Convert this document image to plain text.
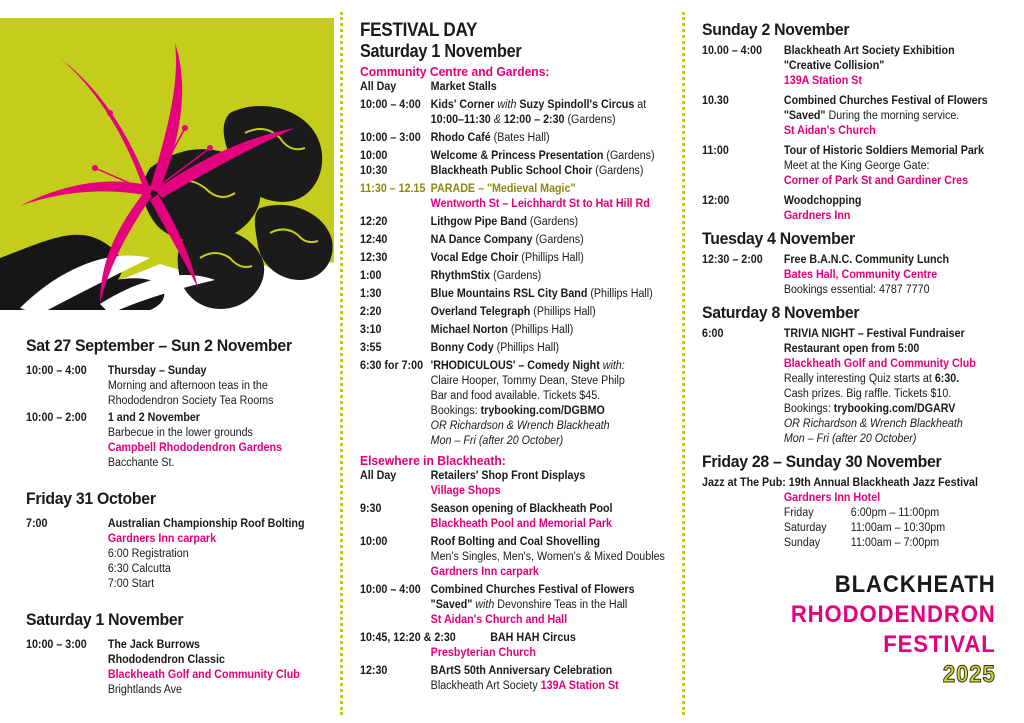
Sat 27 September – Sun 2 November
10:00 – 4:00	Thursday – Sunday
Morning and afternoon teas in the
Rhododendron Society Tea Rooms
10:00 – 2:00	1 and 2 November
Barbecue in the lower grounds
Campbell Rhododendron Gardens
Bacchante St.
Friday 31 October
7:00	Australian Championship Roof Bolting
Gardners Inn carpark
6:00 Registration
6:30 Calcutta
7:00 Start
Saturday 1 November
10:00 – 3:00	The Jack Burrows
Rhododendron Classic
Blackheath Golf and Community Club
Brightlands Ave
FESTIVAL DAY
Saturday 1 November
Community Centre and Gardens:
All Day	Market Stalls
10:00 – 4:00 Kids' Corner with Suzy Spindoll's Circus at
10:00–11:30 & 12:00 – 2:30 (Gardens)
10:00 – 3:00 Rhodo Café (Bates Hall)
10:00	Welcome & Princess Presentation (Gardens)
10:30	Blackheath Public School Choir (Gardens)
11:30 – 12.15 PARADE – "Medieval Magic"
Wentworth St – Leichhardt St to Hat Hill Rd
12:20	Lithgow Pipe Band (Gardens)
12:40	NA Dance Company (Gardens)
12:30	Vocal Edge Choir (Phillips Hall)
1:00	RhythmStix (Gardens)
1:30	Blue Mountains RSL City Band (Phillips Hall)
2:20	Overland Telegraph (Phillips Hall)
3:10	Michael Norton (Phillips Hall)
3:55	Bonny Cody (Phillips Hall)
6:30 for 7:00 'RHODICULOUS' – Comedy Night with:
Claire Hooper, Tommy Dean, Steve Philp
Bar and food available. Tickets $45.
Bookings: trybooking.com/DGBMO
OR Richardson & Wrench Blackheath
Mon – Fri (after 20 October)
Elsewhere in Blackheath:
All Day	Retailers' Shop Front Displays
Village Shops
9:30	Season opening of Blackheath Pool
Blackheath Pool and Memorial Park
10:00	Roof Bolting and Coal Shovelling
Men's Singles, Men's, Women's & Mixed Doubles
Gardners Inn carpark
10:00 – 4:00 Combined Churches Festival of Flowers
"Saved" with Devonshire Teas in the Hall
St Aidan's Church and Hall
10:45, 12:20 & 2:30	BAH HAH Circus
Presbyterian Church
12:30	BArtS 50th Anniversary Celebration
Blackheath Art Society 139A Station St
Sunday 2 November
10.00 – 4:00	Blackheath Art Society Exhibition
"Creative Collision"
139A Station St
10.30	Combined Churches Festival of Flowers
"Saved" During the morning service.
St Aidan's Church
11:00	Tour of Historic Soldiers Memorial Park
Meet at the King George Gate:
Corner of Park St and Gardiner Cres
12:00	Woodchopping
Gardners Inn
Tuesday 4 November
12:30 – 2:00	Free B.A.N.C. Community Lunch
Bates Hall, Community Centre
Bookings essential: 4787 7770
Saturday 8 November
6:00	TRIVIA NIGHT – Festival Fundraiser
Restaurant open from 5:00
Blackheath Golf and Community Club
Really interesting Quiz starts at 6:30.
Cash prizes. Big raffle. Tickets $10.
Bookings: trybooking.com/DGARV
OR Richardson & Wrench Blackheath
Mon – Fri (after 20 October)
Friday 28 – Sunday 30 November
Jazz at The Pub: 19th Annual Blackheath Jazz Festival
Gardners Inn Hotel
Friday	6:00pm – 11:00pm
Saturday	11:00am – 10:30pm
Sunday	11:00am – 7:00pm
BLACKHEATH
RHODODENDRON
FESTIVAL
2025
